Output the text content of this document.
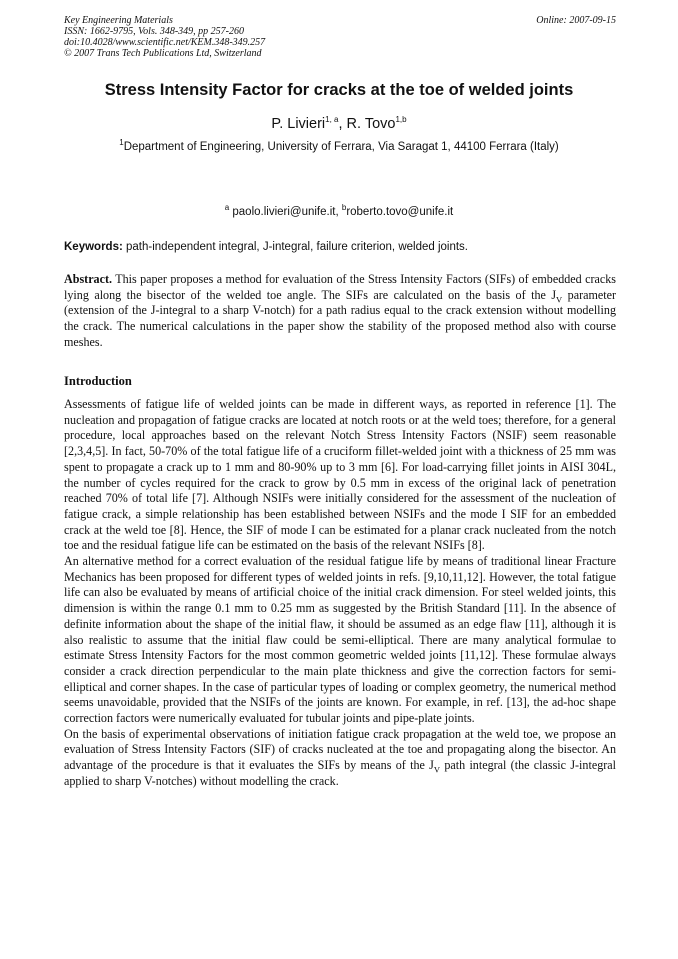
Key Engineering Materials
ISSN: 1662-9795, Vols. 348-349, pp 257-260
doi:10.4028/www.scientific.net/KEM.348-349.257
© 2007 Trans Tech Publications Ltd, Switzerland
Online: 2007-09-15
Stress Intensity Factor for cracks at the toe of welded joints
P. Livieri$^{1, a}$, R. Tovo$^{1,b}$
$^1$Department of Engineering, University of Ferrara, Via Saragat 1, 44100 Ferrara (Italy)
$^a$ paolo.livieri@unife.it, $^b$roberto.tovo@unife.it
Keywords: path-independent integral, J-integral, failure criterion, welded joints.
Abstract. This paper proposes a method for evaluation of the Stress Intensity Factors (SIFs) of embedded cracks lying along the bisector of the welded toe angle. The SIFs are calculated on the basis of the $J_V$ parameter (extension of the J-integral to a sharp V-notch) for a path radius equal to the crack extension without modelling the crack. The numerical calculations in the paper show the stability of the proposed method also with course meshes.
Introduction

Assessments of fatigue life of welded joints can be made in different ways, as reported in reference [1]. The nucleation and propagation of fatigue cracks are located at notch roots or at the weld toes; therefore, for a general procedure, local approaches based on the relevant Notch Stress Intensity Factors (NSIF) seem reasonable [2,3,4,5]. In fact, 50-70% of the total fatigue life of a cruciform fillet-welded joint with a thickness of 25 mm was spent to propagate a crack up to 1 mm and 80-90% up to 3 mm [6]. For load-carrying fillet joints in AISI 304L, the number of cycles required for the crack to grow by 0.5 mm in excess of the original lack of penetration reached 70% of total life [7]. Although NSIFs were initially considered for the assessment of the nucleation of fatigue crack, a simple relationship has been established between NSIFs and the mode I SIF for an embedded crack at the weld toe [8]. Hence, the SIF of mode I can be estimated for a planar crack nucleated from the notch toe and the residual fatigue life can be estimated on the basis of the relevant NSIFs [8].

An alternative method for a correct evaluation of the residual fatigue life by means of traditional linear Fracture Mechanics has been proposed for different types of welded joints in refs. [9,10,11,12]. However, the total fatigue life can also be evaluated by means of artificial choice of the initial crack dimension. For steel welded joints, this dimension is within the range 0.1 mm to 0.25 mm as suggested by the British Standard [11]. In the absence of definite information about the shape of the initial flaw, it should be assumed as an edge flaw [11], although it is also realistic to assume that the initial flaw could be semi-elliptical. There are many analytical formulae to estimate Stress Intensity Factors for the most common geometric welded joints [11,12]. These formulae always consider a crack direction perpendicular to the main plate thickness and give the correction factors for semi-elliptical and corner shapes. In the case of particular types of loading or complex geometry, the numerical method seems unavoidable, provided that the NSIFs of the joints are known. For example, in ref. [13], the ad-hoc shape correction factors were numerically evaluated for tubular joints and pipe-plate joints.

On the basis of experimental observations of initiation fatigue crack propagation at the weld toe, we propose an evaluation of Stress Intensity Factors (SIF) of cracks nucleated at the toe and propagating along the bisector. An advantage of the procedure is that it evaluates the SIFs by means of the $J_V$ path integral (the classic J-integral applied to sharp V-notches) without modelling the crack.
